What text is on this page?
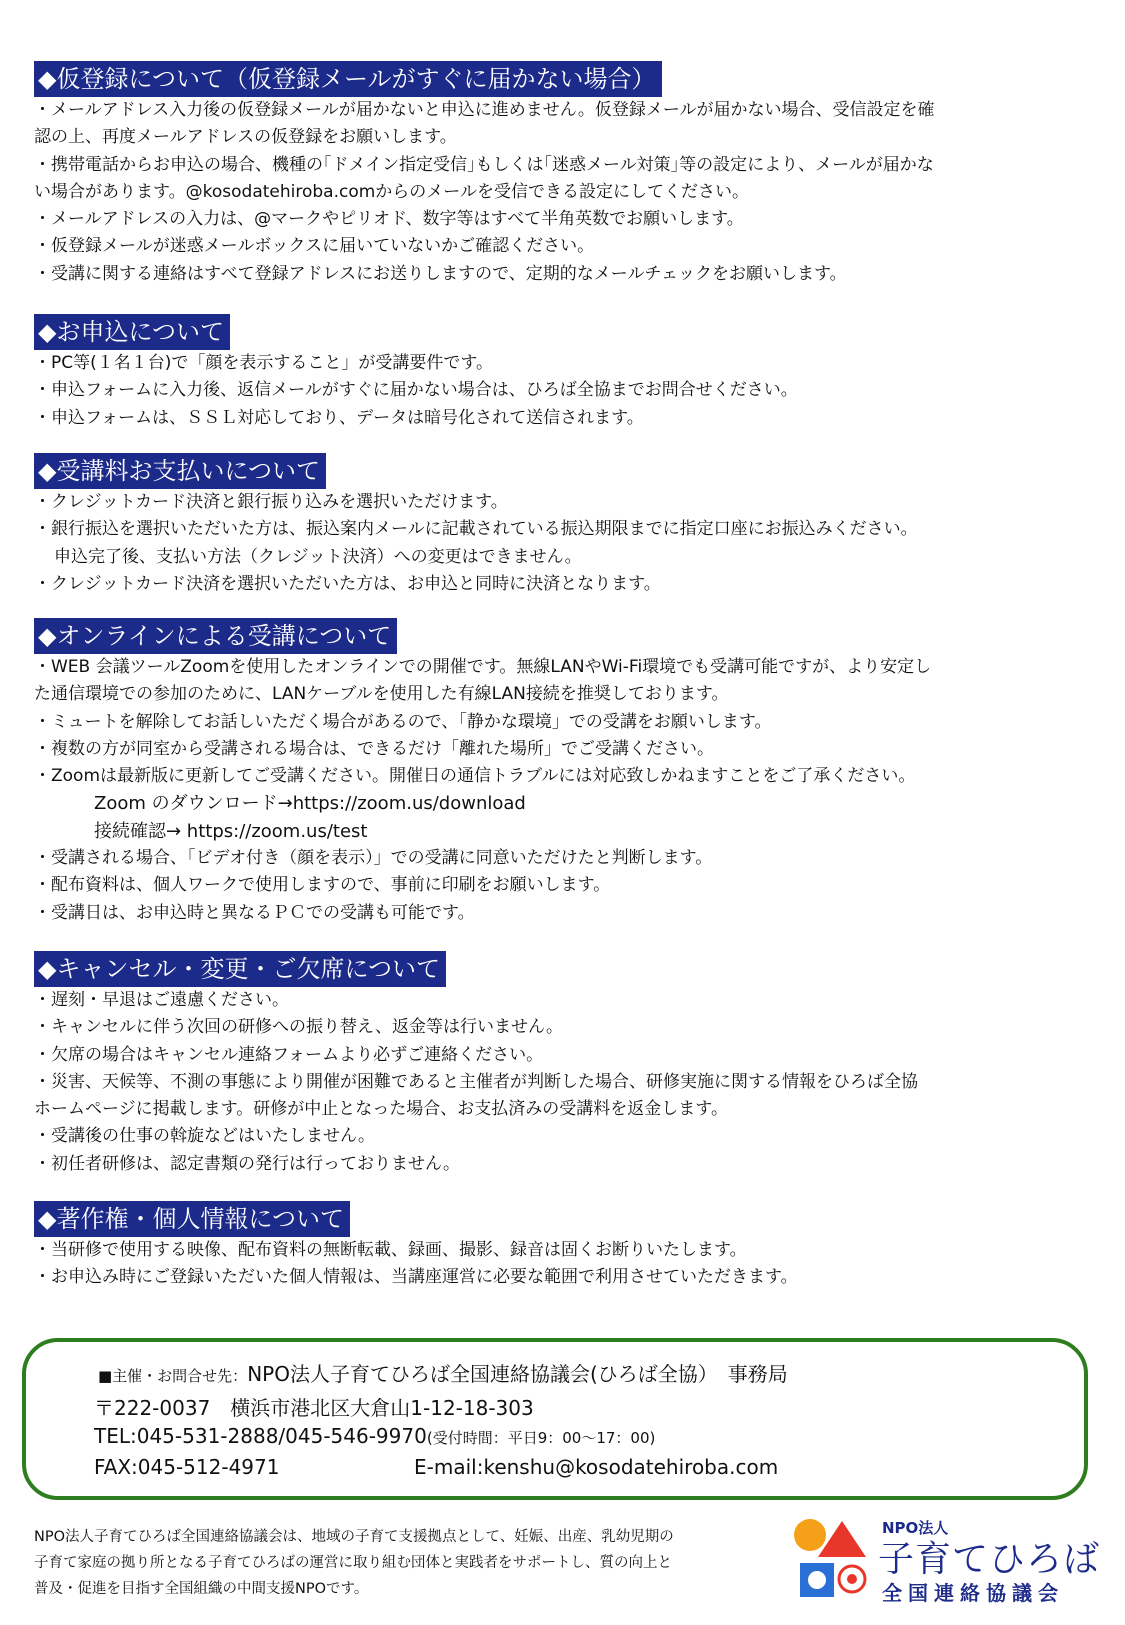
◆仮登録について（仮登録メールがすぐに届かない場合）
・メールアドレス入力後の仮登録メールが届かないと申込に進めません。仮登録メールが届かない場合、受信設定を確
認の上、再度メールアドレスの仮登録をお願いします。
・携帯電話からお申込の場合、機種の｢ドメイン指定受信｣もしくは｢迷惑メール対策｣等の設定により、メールが届かな
い場合があります。@kosodatehiroba.comからのメールを受信できる設定にしてください。
・メールアドレスの入力は、@マークやピリオド、数字等はすべて半角英数でお願いします。
・仮登録メールが迷惑メールボックスに届いていないかご確認ください。
・受講に関する連絡はすべて登録アドレスにお送りしますので、定期的なメールチェックをお願いします。
◆お申込について
・PC等(１名１台)で「顔を表示すること」が受講要件です。
・申込フォームに入力後、返信メールがすぐに届かない場合は、ひろば全協までお問合せください。
・申込フォームは、ＳＳＬ対応しており、データは暗号化されて送信されます。
◆受講料お支払いについて
・クレジットカード決済と銀行振り込みを選択いただけます。
・銀行振込を選択いただいた方は、振込案内メールに記載されている振込期限までに指定口座にお振込みください。
申込完了後、支払い方法（クレジット決済）への変更はできません。
・クレジットカード決済を選択いただいた方は、お申込と同時に決済となります。
◆オンラインによる受講について
・WEB 会議ツールZoomを使用したオンラインでの開催です。無線LANやWi-Fi環境でも受講可能ですが、より安定し
た通信環境での参加のために、LANケーブルを使用した有線LAN接続を推奨しております。
・ミュートを解除してお話しいただく場合があるので、「静かな環境」での受講をお願いします。
・複数の方が同室から受講される場合は、できるだけ「離れた場所」でご受講ください。
・Zoomは最新版に更新してご受講ください。開催日の通信トラブルには対応致しかねますことをご了承ください。
Zoom のダウンロード→https://zoom.us/download
接続確認→ https://zoom.us/test
・受講される場合、「ビデオ付き（顔を表示）」での受講に同意いただけたと判断します。
・配布資料は、個人ワークで使用しますので、事前に印刷をお願いします。
・受講日は、お申込時と異なるＰＣでの受講も可能です。
◆キャンセル・変更・ご欠席について
・遅刻・早退はご遠慮ください。
・キャンセルに伴う次回の研修への振り替え、返金等は行いません。
・欠席の場合はキャンセル連絡フォームより必ずご連絡ください。
・災害、天候等、不測の事態により開催が困難であると主催者が判断した場合、研修実施に関する情報をひろば全協
ホームページに掲載します。研修が中止となった場合、お支払済みの受講料を返金します。
・受講後の仕事の斡旋などはいたしません。
・初任者研修は、認定書類の発行は行っておりません。
◆著作権・個人情報について
・当研修で使用する映像、配布資料の無断転載、録画、撮影、録音は固くお断りいたします。
・お申込み時にご登録いただいた個人情報は、当講座運営に必要な範囲で利用させていただきます。
■主催・お問合せ先：NPO法人子育てひろば全国連絡協議会(ひろば全協）　事務局
〒222-0037　横浜市港北区大倉山1-12-18-303
TEL:045-531-2888/045-546-9970(受付時間：平日9：00～17：00)
FAX:045-512-4971	E-mail:kenshu@kosodatehiroba.com
NPO法人子育てひろば全国連絡協議会は、地域の子育て支援拠点として、妊娠、出産、乳幼児期の
子育て家庭の拠り所となる子育てひろばの運営に取り組む団体と実践者をサポートし、質の向上と
普及・促進を目指す全国組織の中間支援NPOです。
NPO法人
子育てひろば
全国連絡協議会
